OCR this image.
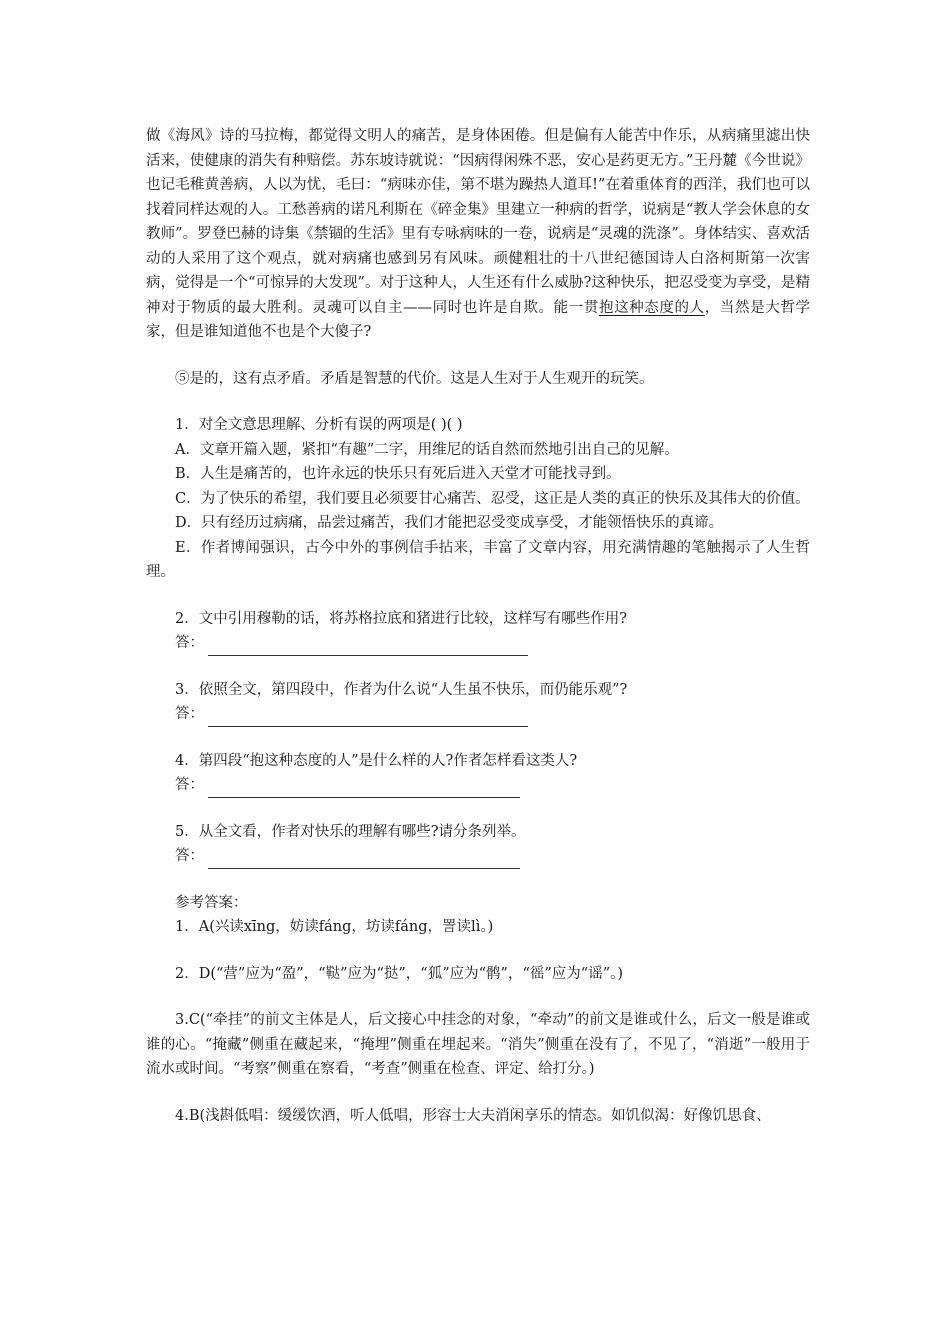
做《海风》诗的马拉梅，都觉得文明人的痛苦，是身体困倦。但是偏有人能苦中作乐，从病痛里滤出快活来，使健康的消失有种赔偿。苏东坡诗就说：“因病得闲殊不恶，安心是药更无方。”王丹麓《今世说》也记毛稚黄善病，人以为忧，毛曰：“病味亦佳，第不堪为躁热人道耳!”在着重体育的西洋，我们也可以找着同样达观的人。工愁善病的诺凡利斯在《碎金集》里建立一种病的哲学，说病是“教人学会休息的女教师”。罗登巴赫的诗集《禁锢的生活》里有专咏病味的一卷，说病是“灵魂的洗涤”。身体结实、喜欢活动的人采用了这个观点，就对病痛也感到另有风味。顽健粗壮的十八世纪德国诗人白洛柯斯第一次害病，觉得是一个“可惊异的大发现”。对于这种人，人生还有什么威胁?这种快乐，把忍受变为享受，是精神对于物质的最大胜利。灵魂可以自主——同时也许是自欺。能一贯抱这种态度的人，当然是大哲学家，但是谁知道他不也是个大傻子?

⑤是的，这有点矛盾。矛盾是智慧的代价。这是人生对于人生观开的玩笑。

1．对全文意思理解、分析有误的两项是( )( )

A．文章开篇入题，紧扣“有趣”二字，用维尼的话自然而然地引出自己的见解。

B．人生是痛苦的，也许永远的快乐只有死后进入天堂才可能找寻到。

C．为了快乐的希望，我们要且必须要甘心痛苦、忍受，这正是人类的真正的快乐及其伟大的价值。

D．只有经历过病痛，品尝过痛苦，我们才能把忍受变成享受，才能领悟快乐的真谛。

E．作者博闻强识，古今中外的事例信手拈来，丰富了文章内容，用充满情趣的笔触揭示了人生哲理。

2．文中引用穆勒的话，将苏格拉底和猪进行比较，这样写有哪些作用?

答：

3．依照全文，第四段中，作者为什么说“人生虽不快乐，而仍能乐观”?

答：

4．第四段“抱这种态度的人”是什么样的人?作者怎样看这类人?

答：

5．从全文看，作者对快乐的理解有哪些?请分条列举。

答：

参考答案：

1．A(兴读xīng，妨读fáng，坊读fáng，詈读lì。)

2．D(“营”应为“盈”，“鞑”应为“挞”，“狐”应为“鹘”，“徭”应为“谣”。)

3.C(“牵挂”的前文主体是人，后文接心中挂念的对象，“牵动”的前文是谁或什么，后文一般是谁或谁的心。“掩藏”侧重在藏起来，“掩埋”侧重在埋起来。“消失”侧重在没有了，不见了，“消逝”一般用于流水或时间。“考察”侧重在察看，“考查”侧重在检查、评定、给打分。)

4.B(浅斟低唱：缓缓饮酒，听人低唱，形容士大夫消闲享乐的情态。如饥似渴：好像饥思食、
